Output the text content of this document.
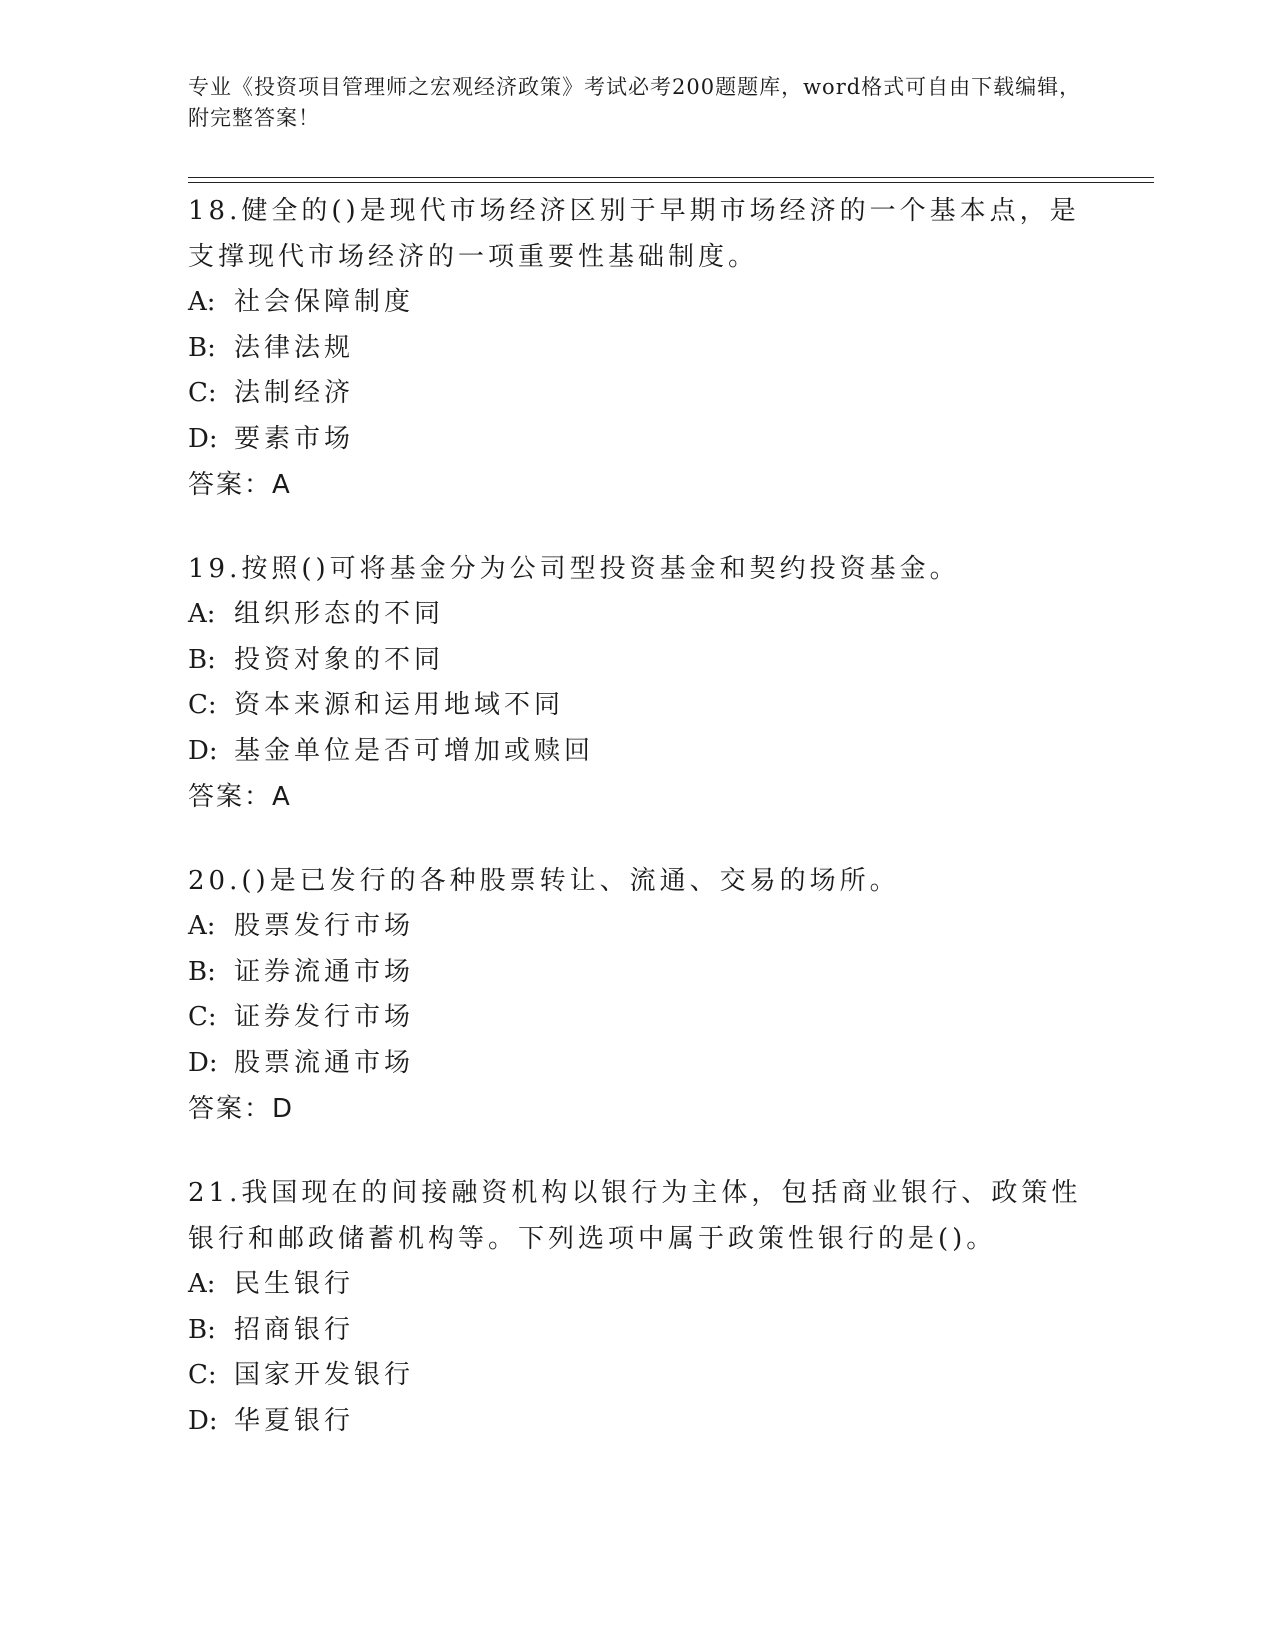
专业《投资项目管理师之宏观经济政策》考试必考200题题库，word格式可自由下载编辑，附完整答案！

18.健全的()是现代市场经济区别于早期市场经济的一个基本点，是支撑现代市场经济的一项重要性基础制度。

A: 社会保障制度

B: 法律法规

C: 法制经济

D: 要素市场

答案：A

19.按照()可将基金分为公司型投资基金和契约投资基金。

A: 组织形态的不同

B: 投资对象的不同

C: 资本来源和运用地域不同

D: 基金单位是否可增加或赎回

答案：A

20.()是已发行的各种股票转让、流通、交易的场所。

A: 股票发行市场

B: 证券流通市场

C: 证券发行市场

D: 股票流通市场

答案：D

21.我国现在的间接融资机构以银行为主体，包括商业银行、政策性银行和邮政储蓄机构等。下列选项中属于政策性银行的是()。

A: 民生银行

B: 招商银行

C: 国家开发银行

D: 华夏银行
